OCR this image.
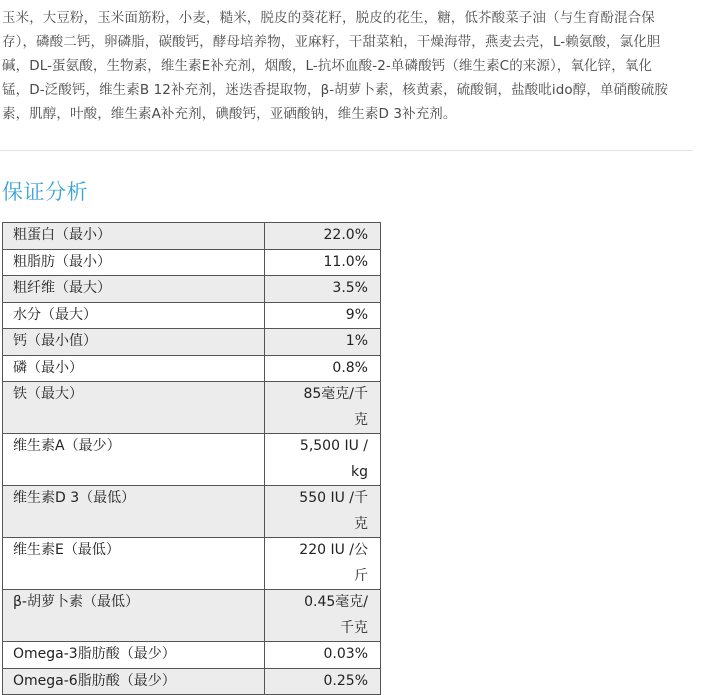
玉米，大豆粉，玉米面筋粉，小麦，糙米，脱皮的葵花籽，脱皮的花生，糖，低芥酸菜子油（与生育酚混合保
存），磷酸二钙，卵磷脂，碳酸钙，酵母培养物，亚麻籽，干甜菜粕，干燥海带，燕麦去壳，L-赖氨酸，氯化胆
碱，DL-蛋氨酸，生物素，维生素E补充剂，烟酸，L-抗坏血酸-2-单磷酸钙（维生素C的来源），氧化锌，氧化
锰，D-泛酸钙，维生素B 12补充剂，迷迭香提取物，β-胡萝卜素，核黄素，硫酸铜，盐酸吡ido醇，单硝酸硫胺
素，肌醇，叶酸，维生素A补充剂，碘酸钙，亚硒酸钠，维生素D 3补充剂。
保证分析
粗蛋白（最小）	22.0%

粗脂肪（最小）	11.0%

粗纤维（最大）	3.5%

水分（最大）	9%

钙（最小值）	1%

磷（最小）	0.8%

铁（最大）	85毫克/千
克

维生素A（最少）	5,500 IU /
kg

维生素D 3（最低）	550 IU /千
克

维生素E（最低）	220 IU /公
斤

β-胡萝卜素（最低）	0.45毫克/
千克

Omega-3脂肪酸（最少）	0.03%

Omega-6脂肪酸（最少）	0.25%
